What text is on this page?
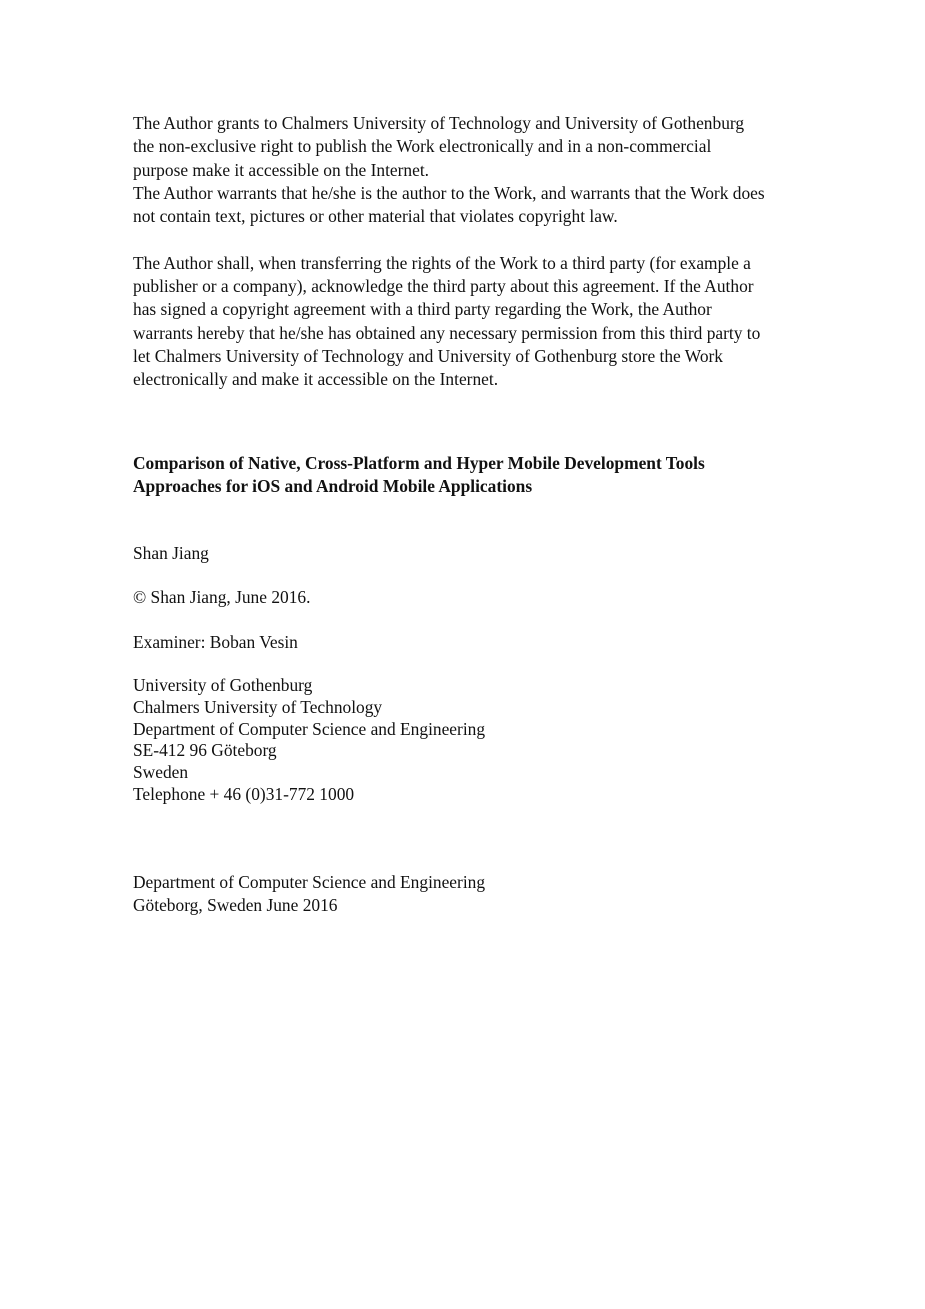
The Author grants to Chalmers University of Technology and University of Gothenburg
the non-exclusive right to publish the Work electronically and in a non-commercial
purpose make it accessible on the Internet.
The Author warrants that he/she is the author to the Work, and warrants that the Work does
not contain text, pictures or other material that violates copyright law.
The Author shall, when transferring the rights of the Work to a third party (for example a
publisher or a company), acknowledge the third party about this agreement. If the Author
has signed a copyright agreement with a third party regarding the Work, the Author
warrants hereby that he/she has obtained any necessary permission from this third party to
let Chalmers University of Technology and University of Gothenburg store the Work
electronically and make it accessible on the Internet.
Comparison of Native, Cross-Platform and Hyper Mobile Development Tools
Approaches for iOS and Android Mobile Applications
Shan Jiang
© Shan Jiang, June 2016.
Examiner: Boban Vesin
University of Gothenburg
Chalmers University of Technology
Department of Computer Science and Engineering
SE-412 96 Göteborg
Sweden
Telephone + 46 (0)31-772 1000
Department of Computer Science and Engineering
Göteborg, Sweden June 2016
